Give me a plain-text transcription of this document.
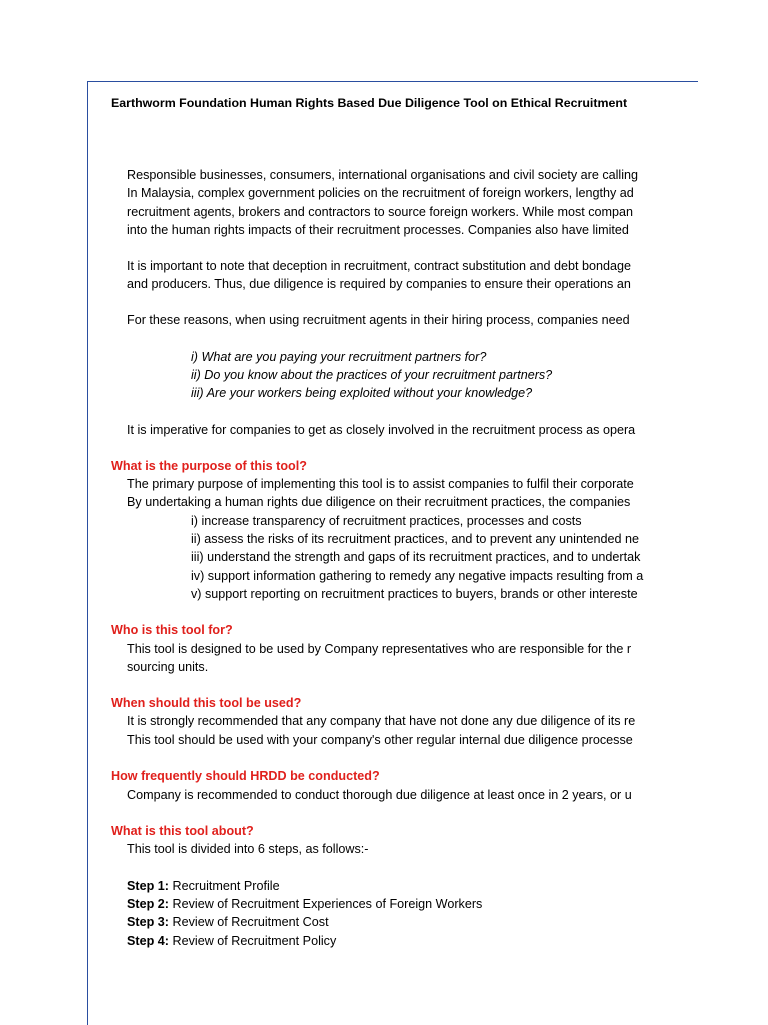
Earthworm Foundation Human Rights Based Due Diligence Tool on Ethical Recruitment
Responsible businesses, consumers, international organisations and civil society are calling
In Malaysia, complex government policies on the recruitment of foreign workers, lengthy ad
recruitment agents, brokers and contractors to source foreign workers. While most compan
into the human rights impacts of their recruitment processes. Companies also have limited
It is important to note that deception in recruitment, contract substitution and debt bondage
and producers. Thus, due diligence is required by companies to ensure their operations an
For these reasons, when using recruitment agents in their hiring process, companies need
i) What are you paying your recruitment partners for?
ii) Do you know about the practices of your recruitment partners?
iii) Are your workers being exploited without your knowledge?
It is imperative for companies to get as closely involved in the recruitment process as opera
What is the purpose of this tool?
The primary purpose of implementing this tool is to assist companies to fulfil their corporate
By undertaking a human rights due diligence on their recruitment practices, the companies
i) increase transparency of recruitment practices, processes and costs
ii) assess the risks of its recruitment practices, and to prevent any unintended ne
iii) understand the strength and gaps of its recruitment practices, and to undertak
iv) support information gathering to remedy any negative impacts resulting from a
v) support reporting on recruitment practices to buyers, brands or other intereste
Who is this tool for?
This tool is designed to be used by Company representatives who are responsible for the r
sourcing units.
When should this tool be used?
It is strongly recommended that any company that have not done any due diligence of its re
This tool should be used with your company's other regular internal due diligence processe
How frequently should HRDD be conducted?
Company is recommended to conduct thorough due diligence at least once in 2 years, or u
What is this tool about?
This tool is divided into 6 steps, as follows:-
Step 1: Recruitment Profile
Step 2: Review of Recruitment Experiences of Foreign Workers
Step 3: Review of Recruitment Cost
Step 4: Review of Recruitment Policy
